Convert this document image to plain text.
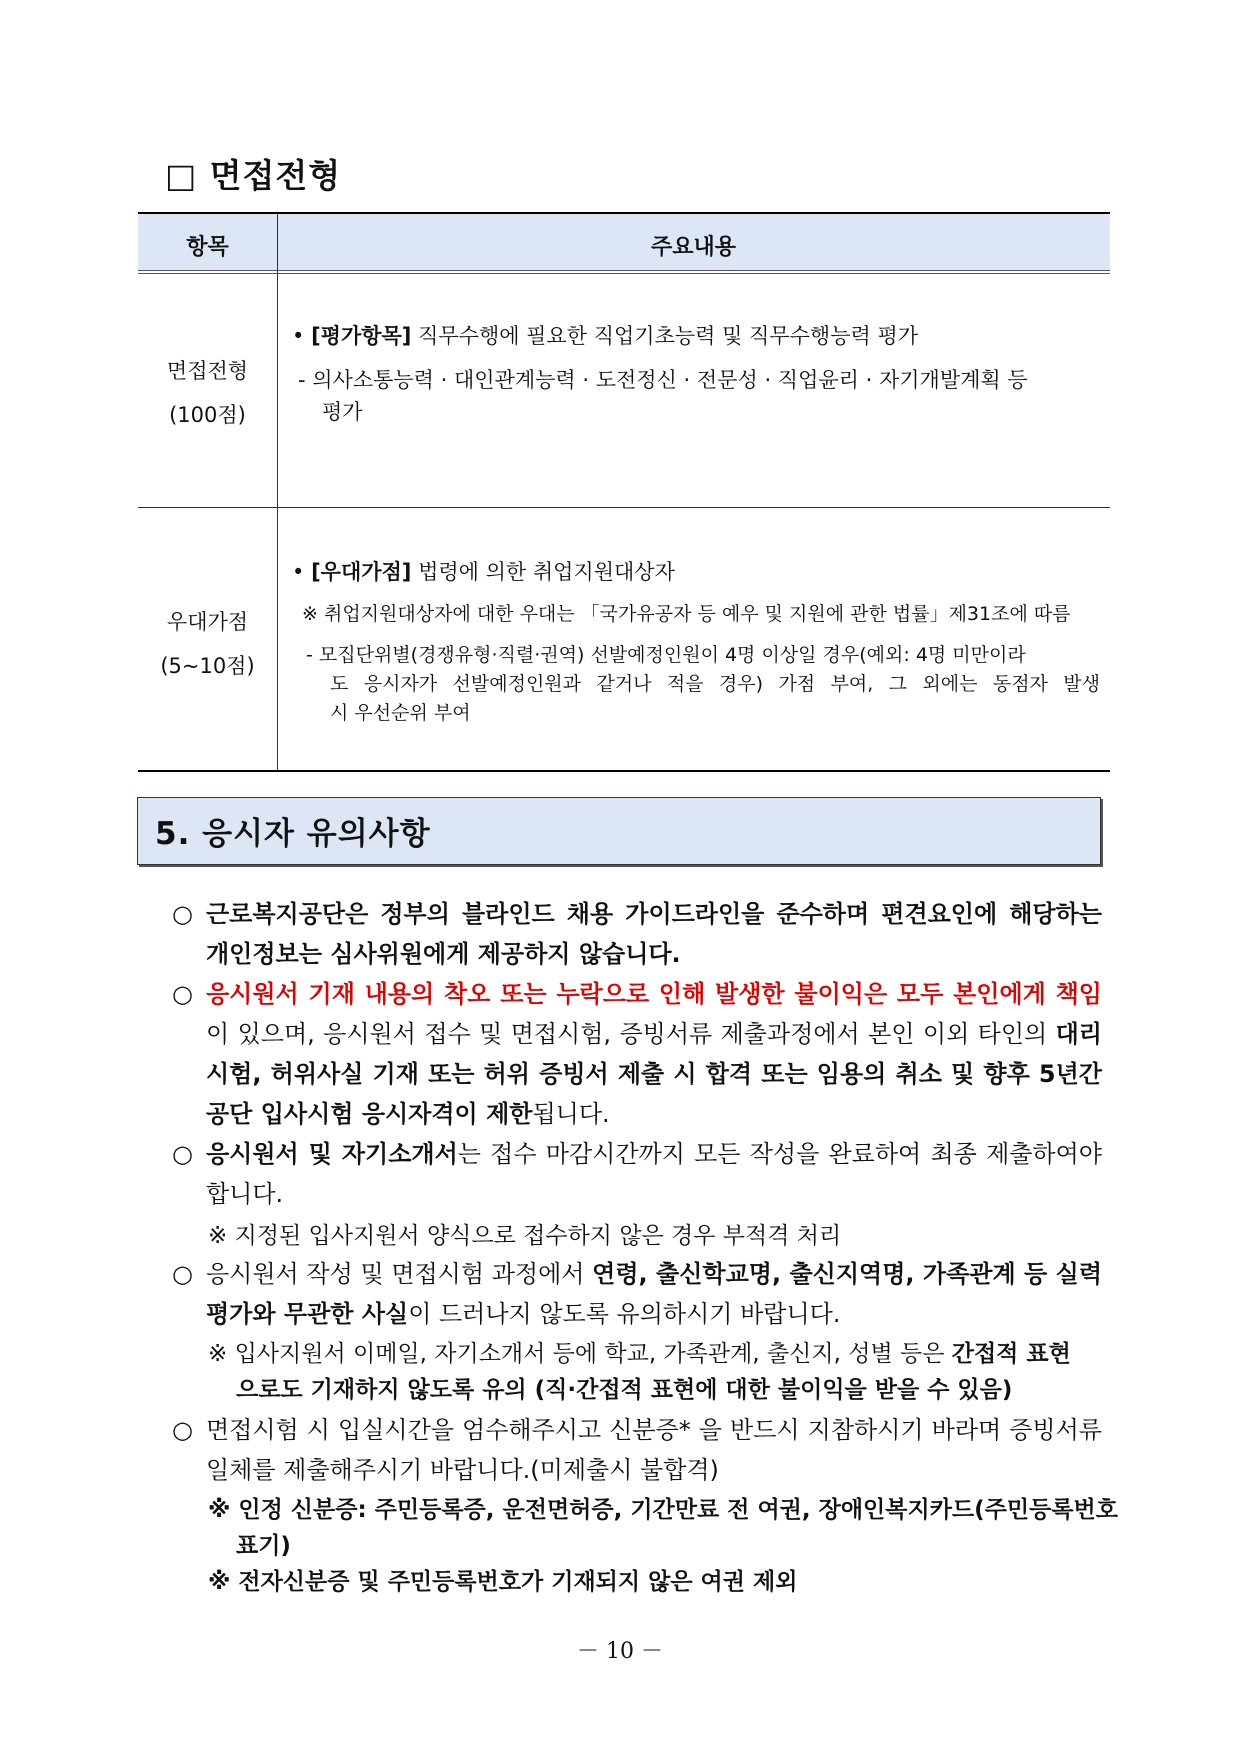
□ 면접전형
항목	주요내용
면접전형
(100점)
• [평가항목] 직무수행에 필요한 직업기초능력 및 직무수행능력 평가
- 의사소통능력 · 대인관계능력 · 도전정신 · 전문성 · 직업윤리 · 자기개발계획 등
평가
우대가점
(5~10점)
• [우대가점] 법령에 의한 취업지원대상자
※ 취업지원대상자에 대한 우대는 「국가유공자 등 예우 및 지원에 관한 법률」제31조에 따름
- 모집단위별(경쟁유형·직렬·권역) 선발예정인원이 4명 이상일 경우(예외: 4명 미만이라
도 응시자가 선발예정인원과 같거나 적을 경우) 가점 부여, 그 외에는 동점자 발생
시 우선순위 부여
5. 응시자 유의사항
○ 근로복지공단은 정부의 블라인드 채용 가이드라인을 준수하며 편견요인에 해당하는 개인정보는 심사위원에게 제공하지 않습니다.
○ 응시원서 기재 내용의 착오 또는 누락으로 인해 발생한 불이익은 모두 본인에게 책임이 있으며, 응시원서 접수 및 면접시험, 증빙서류 제출과정에서 본인 이외 타인의 대리시험, 허위사실 기재 또는 허위 증빙서 제출 시 합격 또는 임용의 취소 및 향후 5년간 공단 입사시험 응시자격이 제한됩니다.
○ 응시원서 및 자기소개서는 접수 마감시간까지 모든 작성을 완료하여 최종 제출하여야 합니다.
※ 지정된 입사지원서 양식으로 접수하지 않은 경우 부적격 처리
○ 응시원서 작성 및 면접시험 과정에서 연령, 출신학교명, 출신지역명, 가족관계 등 실력평가와 무관한 사실이 드러나지 않도록 유의하시기 바랍니다.
※ 입사지원서 이메일, 자기소개서 등에 학교, 가족관계, 출신지, 성별 등은 간접적 표현
으로도 기재하지 않도록 유의 (직·간접적 표현에 대한 불이익을 받을 수 있음)
○ 면접시험 시 입실시간을 엄수해주시고 신분증* 을 반드시 지참하시기 바라며 증빙서류 일체를 제출해주시기 바랍니다.(미제출시 불합격)
※ 인정 신분증: 주민등록증, 운전면허증, 기간만료 전 여권, 장애인복지카드(주민등록번호
표기)
※ 전자신분증 및 주민등록번호가 기재되지 않은 여권 제외
－ 10 －
